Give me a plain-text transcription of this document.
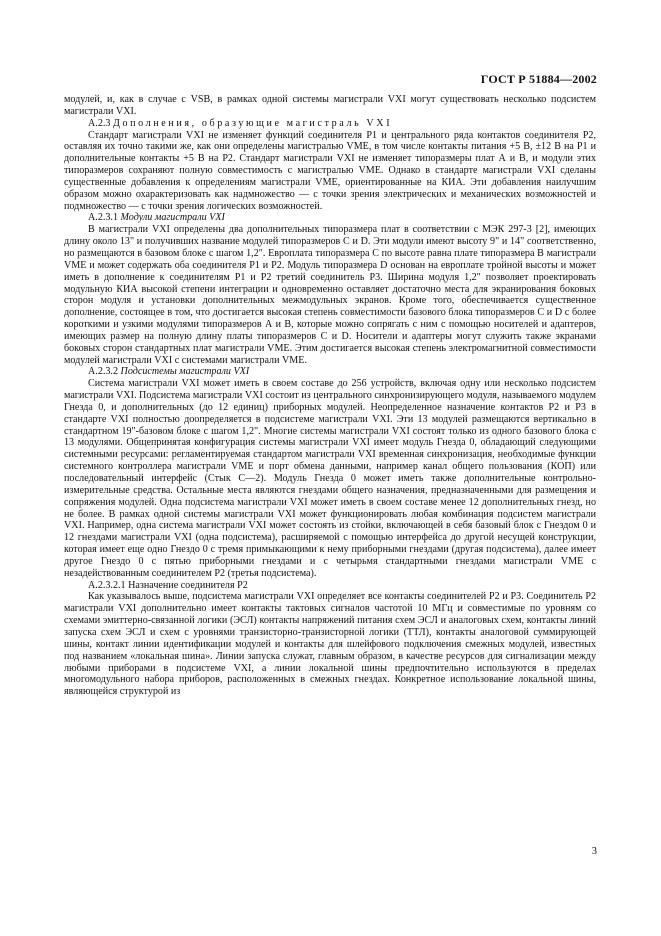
ГОСТ Р 51884—2002

модулей, и, как в случае с VSB, в рамках одной системы магистрали VXI могут существовать несколько подсистем магистрали VXI.

А.2.3 Дополнения, образующие магистраль VXI

Стандарт магистрали VXI не изменяет функций соединителя Р1 и центрального ряда контактов соединителя Р2, оставляя их точно такими же, как они определены магистралью VME, в том числе контакты питания +5 В, ±12 В на Р1 и дополнительные контакты +5 В на Р2. Стандарт магистрали VXI не изменяет типоразмеры плат А и В, и модули этих типоразмеров сохраняют полную совместимость с магистралью VME. Однако в стандарте магистрали VXI сделаны существенные добавления к определениям магистрали VME, ориентированные на КИА. Эти добавления наилучшим образом можно охарактеризовать как надмножество — с точки зрения электрических и механических возможностей и подмножество — с точки зрения логических возможностей.

А.2.3.1 Модули магистрали VXI

В магистрали VXI определены два дополнительных типоразмера плат в соответствии с МЭК 297-3 [2], имеющих длину около 13" и получивших название модулей типоразмеров С и D. Эти модули имеют высоту 9" и 14" соответственно, но размещаются в базовом блоке с шагом 1,2". Европлата типоразмера С по высоте равна плате типоразмера В магистрали VME и может содержать оба соединителя Р1 и Р2. Модуль типоразмера D основан на европлате тройной высоты и может иметь в дополнение к соединителям Р1 и Р2 третий соединитель Р3. Ширина модуля 1,2" позволяет проектировать модульную КИА высокой степени интеграции и одновременно оставляет достаточно места для экранирования боковых сторон модуля и установки дополнительных межмодульных экранов. Кроме того, обеспечивается существенное дополнение, состоящее в том, что достигается высокая степень совместимости базового блока типоразмеров С и D с более короткими и узкими модулями типоразмеров А и В, которые можно сопрягать с ним с помощью носителей и адаптеров, имеющих размер на полную длину платы типоразмеров С и D. Носители и адаптеры могут служить также экранами боковых сторон стандартных плат магистрали VME. Этим достигается высокая степень электромагнитной совместимости модулей магистрали VXI с системами магистрали VME.

А.2.3.2 Подсистемы магистрали VXI

Система магистрали VXI может иметь в своем составе до 256 устройств, включая одну или несколько подсистем магистрали VXI. Подсистема магистрали VXI состоит из центрального синхронизирующего модуля, называемого модулем Гнезда 0, и дополнительных (до 12 единиц) приборных модулей. Неопределенное назначение контактов Р2 и Р3 в стандарте VXI полностью доопределяется в подсистеме магистрали VXI. Эти 13 модулей размещаются вертикально в стандартном 19"-базовом блоке с шагом 1,2". Многие системы магистрали VXI состоят только из одного базового блока с 13 модулями. Общепринятая конфигурация системы магистрали VXI имеет модуль Гнезда 0, обладающий следующими системными ресурсами: регламентируемая стандартом магистрали VXI временная синхронизация, необходимые функции системного контроллера магистрали VME и порт обмена данными, например канал общего пользования (КОП) или последовательный интерфейс (Стык С—2). Модуль Гнезда 0 может иметь также дополнительные контрольно-измерительные средства. Остальные места являются гнездами общего назначения, предназначенными для размещения и сопряжения модулей. Одна подсистема магистрали VXI может иметь в своем составе менее 12 дополнительных гнезд, но не более. В рамках одной системы магистрали VXI может функционировать любая комбинация подсистем магистрали VXI. Например, одна система магистрали VXI может состоять из стойки, включающей в себя базовый блок с Гнездом 0 и 12 гнездами магистрали VXI (одна подсистема), расширяемой с помощью интерфейса до другой несущей конструкции, которая имеет еще одно Гнездо 0 с тремя примыкающими к нему приборными гнездами (другая подсистема), далее имеет другое Гнездо 0 с пятью приборными гнездами и с четырьмя стандартными гнездами магистрали VME с незадействованным соединителем Р2 (третья подсистема).

А.2.3.2.1 Назначение соединителя Р2

Как указывалось выше, подсистема магистрали VXI определяет все контакты соединителей Р2 и Р3. Соединитель Р2 магистрали VXI дополнительно имеет контакты тактовых сигналов частотой 10 МГц и совместимые по уровням со схемами эмиттерно-связанной логики (ЭСЛ) контакты напряжений питания схем ЭСЛ и аналоговых схем, контакты линий запуска схем ЭСЛ и схем с уровнями транзисторно-транзисторной логики (ТТЛ), контакты аналоговой суммирующей шины, контакт линии идентификации модулей и контакты для шлейфового подключения смежных модулей, известных под названием «локальная шина». Линии запуска служат, главным образом, в качестве ресурсов для сигнализации между любыми приборами в подсистеме VXI, а линии локальной шины предпочтительно используются в пределах многомодульного набора приборов, расположенных в смежных гнездах. Конкретное использование локальной шины, являющейся структурой из

3
